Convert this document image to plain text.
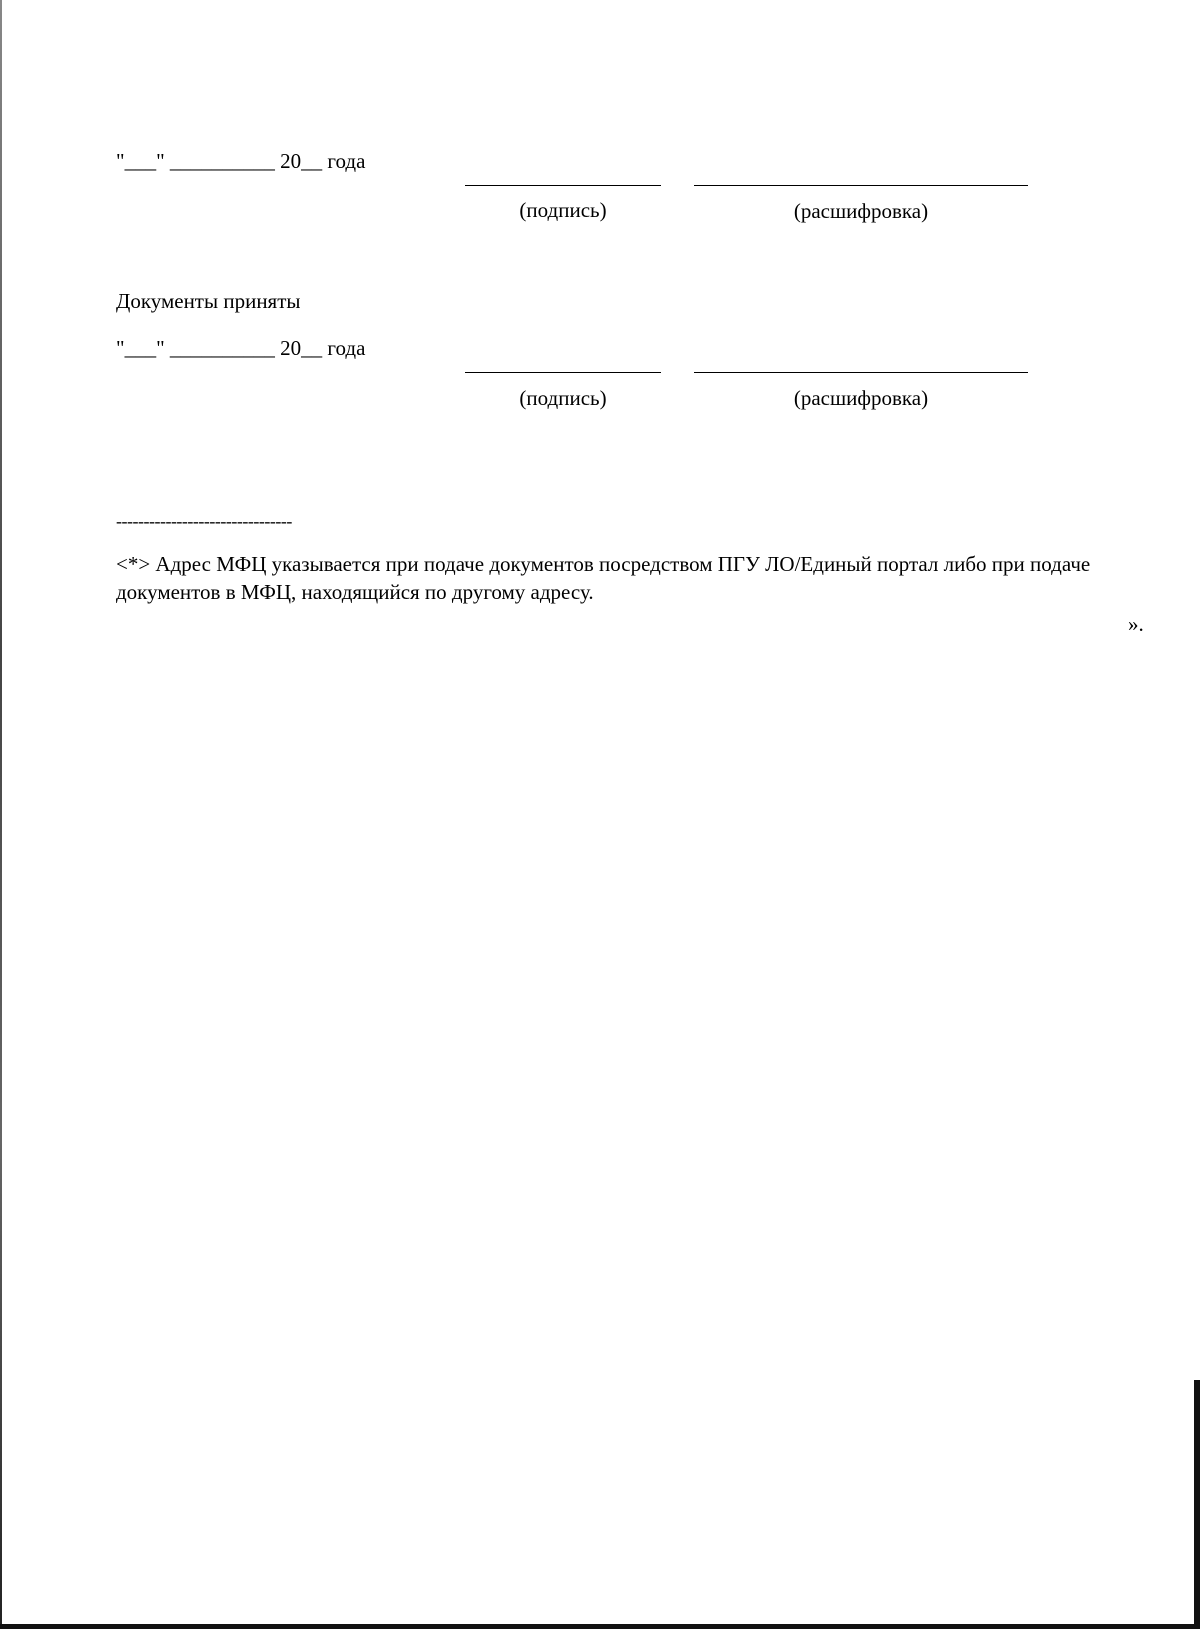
"___" __________ 20__ года
(подпись)	(расшифровка)
Документы приняты
"___" __________ 20__ года
(подпись)	(расшифровка)
--------------------------------
<*> Адрес МФЦ указывается при подаче документов посредством ПГУ ЛО/Единый портал либо при подаче документов в МФЦ, находящийся по другому адресу.
».
